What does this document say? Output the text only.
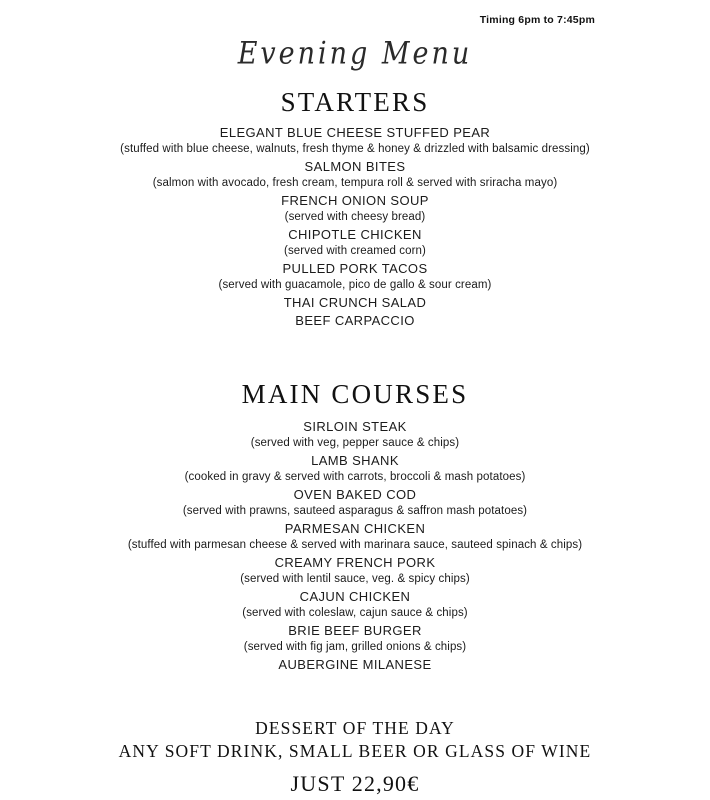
Timing 6pm to 7:45pm
Evening Menu
STARTERS
ELEGANT BLUE CHEESE STUFFED PEAR
(stuffed with blue cheese, walnuts, fresh thyme & honey & drizzled with balsamic dressing)
SALMON BITES
(salmon with avocado, fresh cream, tempura roll & served with sriracha mayo)
FRENCH ONION SOUP
(served with cheesy bread)
CHIPOTLE CHICKEN
(served with creamed corn)
PULLED PORK TACOS
(served with guacamole, pico de gallo & sour cream)
THAI CRUNCH SALAD
BEEF CARPACCIO
MAIN COURSES
SIRLOIN STEAK
(served with veg, pepper sauce & chips)
LAMB SHANK
(cooked in gravy & served with carrots, broccoli & mash potatoes)
OVEN BAKED COD
(served with prawns, sauteed asparagus & saffron mash potatoes)
PARMESAN CHICKEN
(stuffed with parmesan cheese & served with marinara sauce, sauteed spinach & chips)
CREAMY FRENCH PORK
(served with lentil sauce, veg. & spicy chips)
CAJUN CHICKEN
(served with coleslaw, cajun sauce & chips)
BRIE BEEF BURGER
(served with fig jam, grilled onions & chips)
AUBERGINE MILANESE
DESSERT OF THE DAY
ANY SOFT DRINK, SMALL BEER OR GLASS OF WINE
JUST 22,90€
